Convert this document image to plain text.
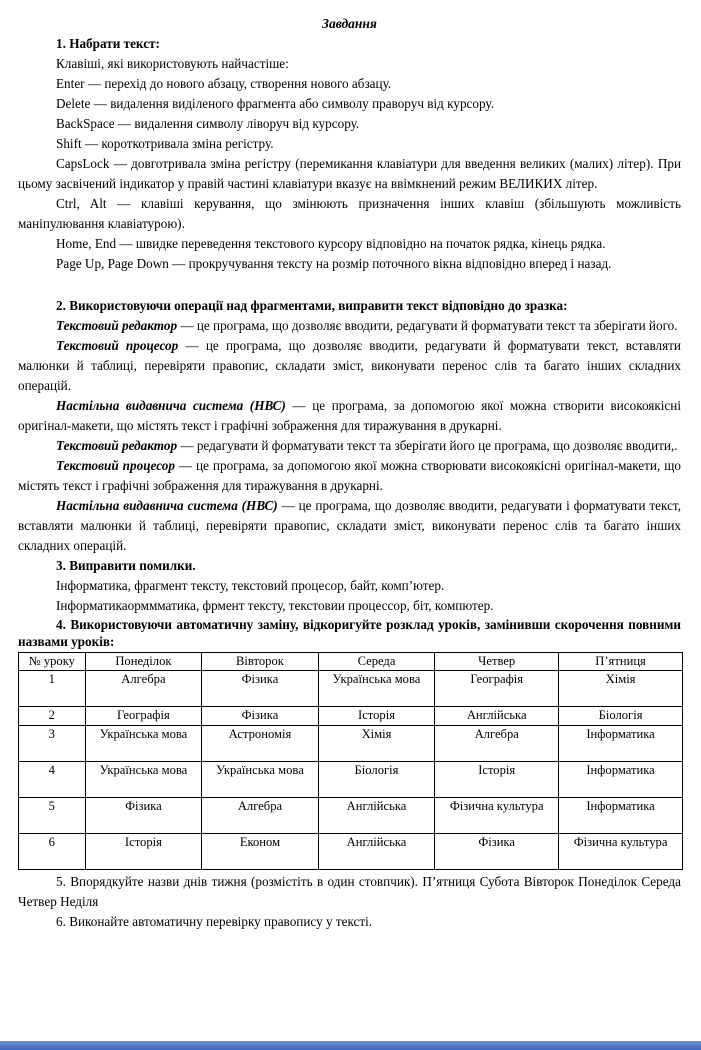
Завдання
1. Набрати текст:

Клавіші, які використовують найчастіше:

Enter — перехід до нового абзацу, створення нового абзацу.

Delete — видалення виділеного фрагмента або символу праворуч від курсору.

BackSpace — видалення символу ліворуч від курсору.

Shift — короткотривала зміна регістру.

CapsLock — довготривала зміна регістру (перемикання клавіатури для введення великих (малих) літер). При цьому засвічений індикатор у правій частині клавіатури вказує на ввімкнений режим ВЕЛИКИХ літер.

Ctrl, Alt — клавіші керування, що змінюють призначення інших клавіш (збільшують можливість маніпулювання клавіатурою).

Home, End — швидке переведення текстового курсору відповідно на початок рядка, кінець рядка.

Page Up, Page Down — прокручування тексту на розмір поточного вікна відповідно вперед і назад.

2. Використовуючи операції над фрагментами, виправити текст відповідно до зразка:

Текстовий редактор — це програма, що дозволяє вводити, редагувати й форматувати текст та зберігати його.

Текстовий процесор — це програма, що дозволяє вводити, редагувати й форматувати текст, вставляти малюнки й таблиці, перевіряти правопис, складати зміст, виконувати перенос слів та багато інших складних операцій.

Настільна видавнича система (НВС) — це програма, за допомогою якої можна створити високоякісні оригінал-макети, що містять текст і графічні зображення для тиражування в друкарні.

Текстовий редактор — редагувати й форматувати текст та зберігати його це програма, що дозволяє вводити,.

Текстовий процесор — це програма, за допомогою якої можна створювати високоякісні оригінал-макети, що містять текст і графічні зображення для тиражування в друкарні.

Настільна видавнича система (НВС) — це програма, що дозволяє вводити, редагувати і форматувати текст, вставляти малюнки й таблиці, перевіряти правопис, складати зміст, виконувати перенос слів та багато інших складних операцій.

3. Виправити помилки.

Інформатика, фрагмент тексту, текстовий процесор, байт, комп’ютер.

Інформатикаорммматика, фрмент тексту, текстовии процессор, біт, компютер.

4. Використовуючи автоматичну заміну, відкоригуйте розклад уроків, замінивши скорочення повними назвами уроків:

№ уроку	Понеділок	Вівторок	Середа	Четвер	П’ятниця
1	Алгебра	Фізика	Українська мова	Географія	Хімія
2	Географія	Фізика	Історія	Англійська	Біологія
3	Українська мова	Астрономія	Хімія	Алгебра	Інформатика
4	Українська мова	Українська мова	Біологія	Історія	Інформатика
5	Фізика	Алгебра	Англійська	Фізична культура	Інформатика
6	Історія	Економ	Англійська	Фізика	Фізична культура

5. Впорядкуйте назви днів тижня (розмістіть в один стовпчик). П’ятниця Субота Вівторок Понеділок Середа Четвер Неділя

6. Виконайте автоматичну перевірку правопису у тексті.
